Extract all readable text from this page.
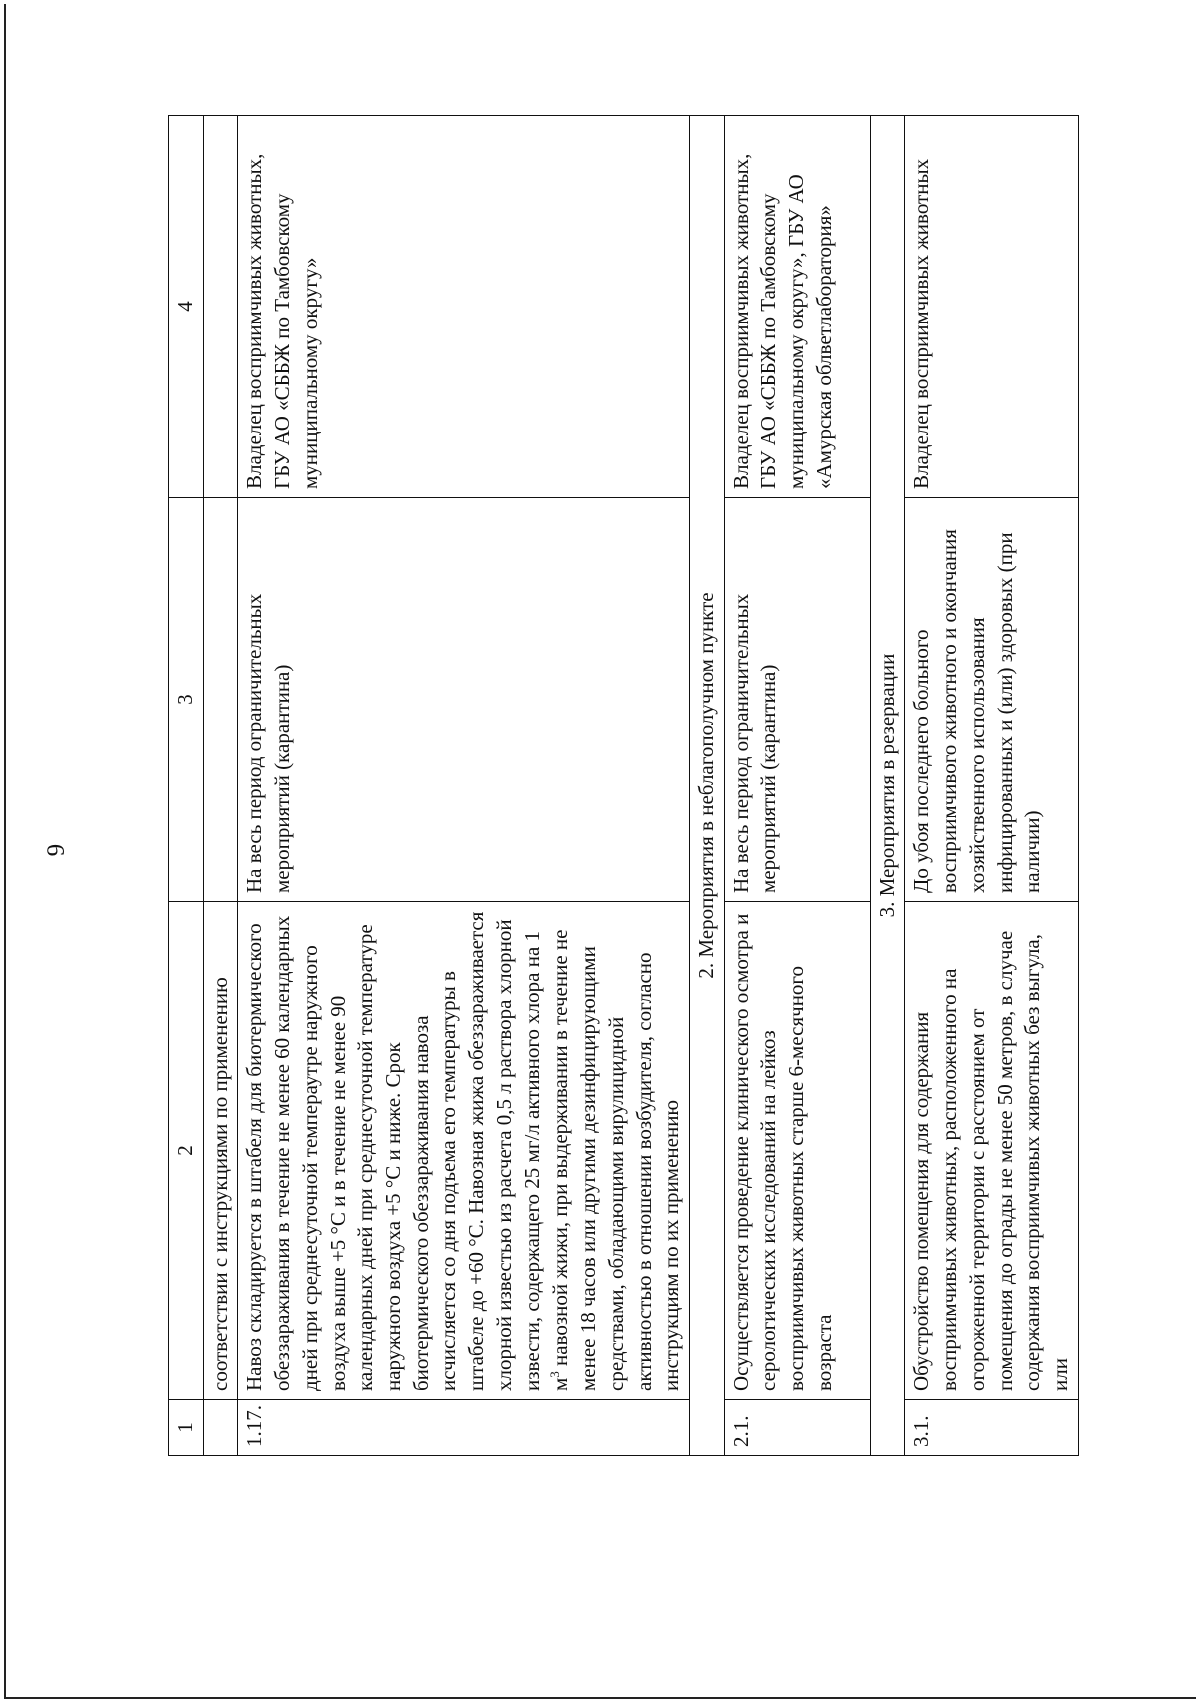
6
1	2	3	4
	соответствии с инструкциями по применению		
1.17.	Навоз складируется в штабеля для биотермического обеззараживания в течение не менее 60 календарных дней при среднесуточной темпераутре наружного воздуха выше +5 °C и в течение не менее 90 календарных дней при среднесуточной температуре наружного воздуха +5 °C и ниже. Срок биотермического обеззараживания навоза исчисляется со дня подъема его температуры в штабеле до +60 °C. Навозная жижа обеззараживается хлорной известью из расчета 0,5 л раствора хлорной извести, содержащего 25 мг/л активного хлора на 1 $м^3$ навозной жижи, при выдерживании в течение не менее 18 часов или другими дезинфицирующими средствами, обладающими вирулицидной активностью в отношении возбудителя, согласно инструкциям по их применению	На весь период ограничительных мероприятий (карантина)	Владелец восприимчивых животных, ГБУ АО «СББЖ по Тамбовскому муниципальному округу»
2. Мероприятия в неблагополучном пункте			
2.1.	Осуществляется проведение клинического осмотра и серологических исследований на лейкоз восприимчивых животных старше 6-месячного возраста	На весь период ограничительных мероприятий (карантина)	Владелец восприимчивых животных, ГБУ АО «СББЖ по Тамбовскому муниципальному округу», ГБУ АО «Амурская облветлаборатория»
3. Мероприятия в резервации			
3.1.	Обустройство помещения для содержания восприимчивых животных, расположенного на огороженной территории с расстоянием от помещения до ограды не менее 50 метров, в случае содержания восприимчивых животных без выгула, или	До убоя последнего больного восприимчивого животного и окончания хозяйственного использования инфицированных и (или) здоровых (при наличии)	Владелец восприимчивых животных
